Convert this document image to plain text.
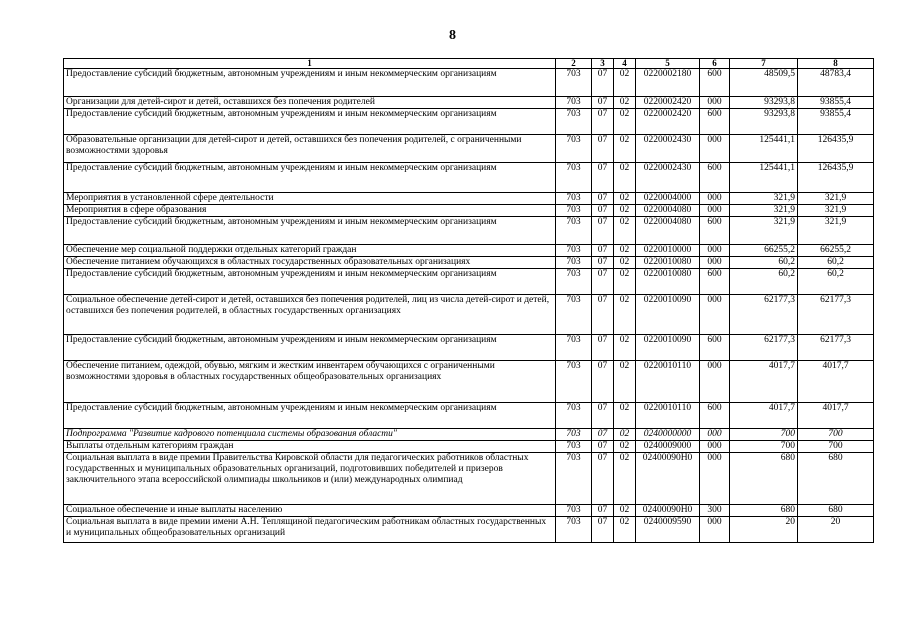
8
1	2	3	4	5	6	7	8
Предоставление субсидий бюджетным, автономным учреждениям и иным некоммерческим организациям	703	07	02	0220002180	600	48509,5	48783,4
Организации для детей-сирот и детей, оставшихся без попечения родителей	703	07	02	0220002420	000	93293,8	93855,4
Предоставление субсидий бюджетным, автономным учреждениям и иным некоммерческим организациям	703	07	02	0220002420	600	93293,8	93855,4
Образовательные организации для детей-сирот и детей, оставшихся без попечения родителей, с ограниченными возможностями здоровья	703	07	02	0220002430	000	125441,1	126435,9
Предоставление субсидий бюджетным, автономным учреждениям и иным некоммерческим организациям	703	07	02	0220002430	600	125441,1	126435,9
Мероприятия в установленной сфере деятельности	703	07	02	0220004000	000	321,9	321,9
Мероприятия в сфере образования	703	07	02	0220004080	000	321,9	321,9
Предоставление субсидий бюджетным, автономным учреждениям и иным некоммерческим организациям	703	07	02	0220004080	600	321,9	321,9
Обеспечение мер социальной поддержки отдельных категорий граждан	703	07	02	0220010000	000	66255,2	66255,2
Обеспечение питанием обучающихся в областных государственных образовательных организациях	703	07	02	0220010080	000	60,2	60,2
Предоставление субсидий бюджетным, автономным учреждениям и иным некоммерческим организациям	703	07	02	0220010080	600	60,2	60,2
Социальное обеспечение детей-сирот и детей, оставшихся без попечения родителей, лиц из числа детей-сирот и детей, оставшихся без попечения родителей, в областных государственных организациях	703	07	02	0220010090	000	62177,3	62177,3
Предоставление субсидий бюджетным, автономным учреждениям и иным некоммерческим организациям	703	07	02	0220010090	600	62177,3	62177,3
Обеспечение питанием, одеждой, обувью, мягким и жестким инвентарем обучающихся с ограниченными возможностями здоровья в областных государственных общеобразовательных организациях	703	07	02	0220010110	000	4017,7	4017,7
Предоставление субсидий бюджетным, автономным учреждениям и иным некоммерческим организациям	703	07	02	0220010110	600	4017,7	4017,7
Подпрограмма "Развитие кадрового потенциала системы образования области"	703	07	02	0240000000	000	700	700
Выплаты отдельным категориям граждан	703	07	02	0240009000	000	700	700
Социальная выплата в виде премии Правительства Кировской области для педагогических работников областных государственных и муниципальных образовательных организаций, подготовивших победителей и призеров заключительного этапа всероссийской олимпиады школьников и (или) международных олимпиад	703	07	02	02400090Н0	000	680	680
Социальное обеспечение и иные выплаты населению	703	07	02	02400090Н0	300	680	680
Социальная выплата в виде премии имени А.Н. Теплящиной педагогическим работникам областных государственных и муниципальных общеобразовательных организаций	703	07	02	0240009590	000	20	20
